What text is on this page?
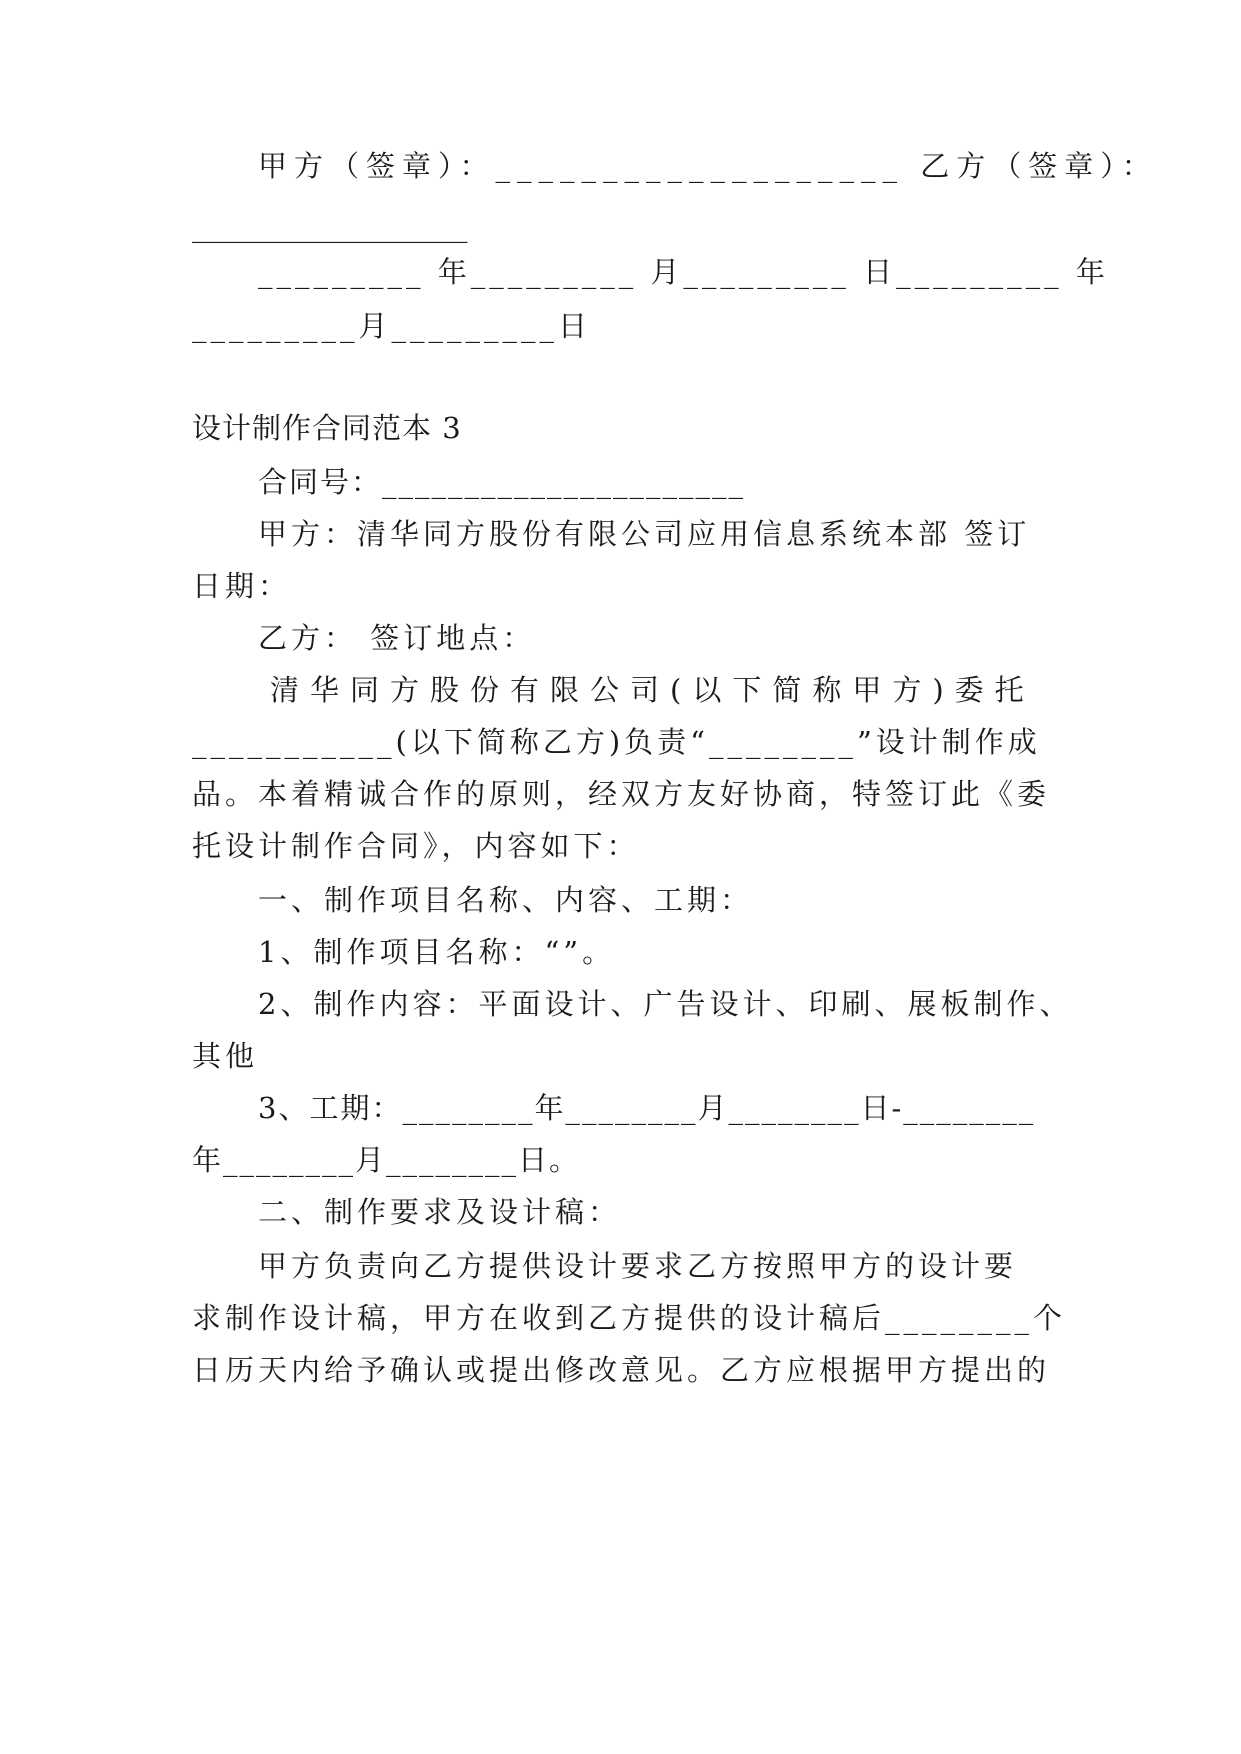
甲方（签章）：___________________ 乙方（签章）：
___________________
_________ 年_________ 月_________ 日_________ 年
_________月_________日
设计制作合同范本 3
合同号：______________________
甲方：清华同方股份有限公司应用信息系统本部 签订
日期：
乙方： 签订地点：
清华同方股份有限公司(以下简称甲方)委托
___________(以下简称乙方)负责“________”设计制作成
品。本着精诚合作的原则，经双方友好协商，特签订此《委
托设计制作合同》，内容如下：
一、制作项目名称、内容、工期：
1、制作项目名称：“”。
2、制作内容：平面设计、广告设计、印刷、展板制作、
其他
3、工期：________年________月________日-________
年________月________日。
二、制作要求及设计稿：
甲方负责向乙方提供设计要求乙方按照甲方的设计要
求制作设计稿，甲方在收到乙方提供的设计稿后________个
日历天内给予确认或提出修改意见。乙方应根据甲方提出的
